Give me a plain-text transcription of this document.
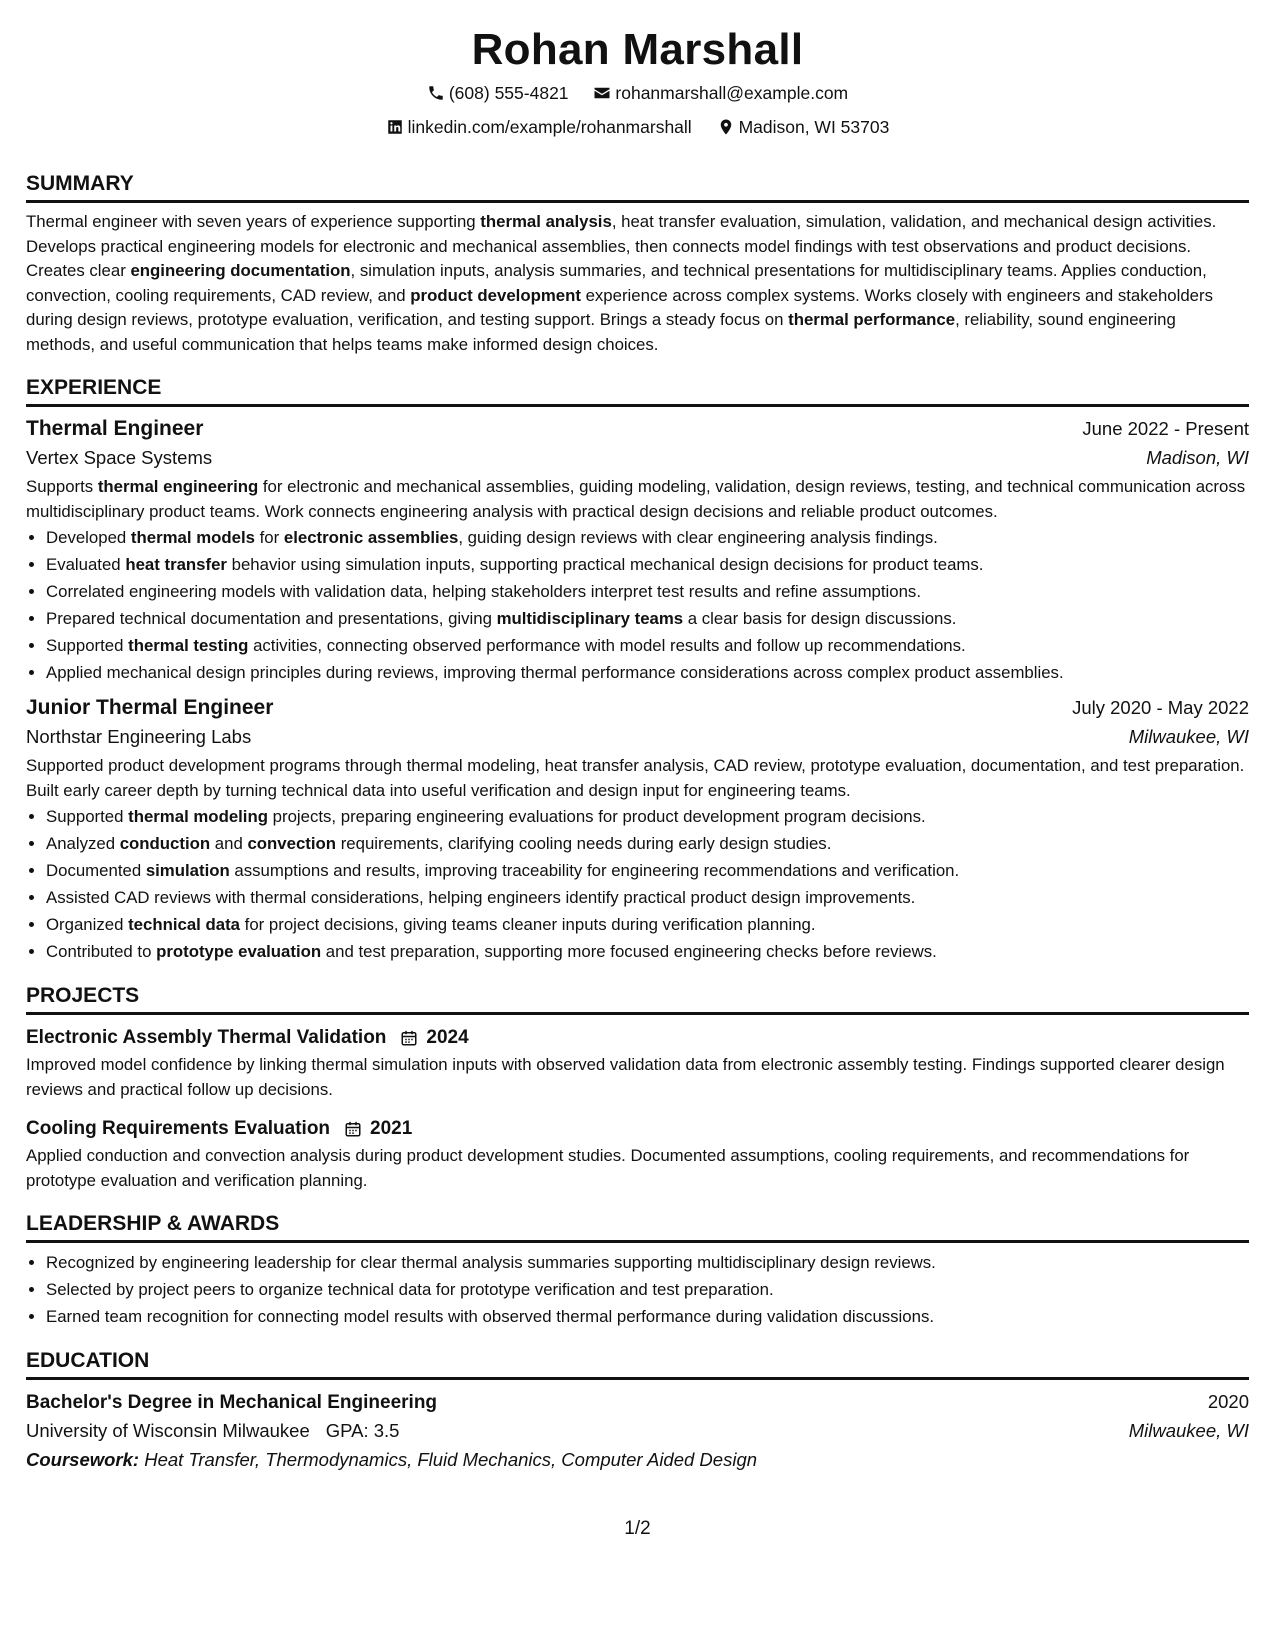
Rohan Marshall
(608) 555-4821
	rohanmarshall@example.com
linkedin.com/example/rohanmarshall
	Madison, WI 53703
SUMMARY
Thermal engineer with seven years of experience supporting thermal analysis, heat transfer evaluation, simulation, validation, and mechanical design activities. Develops practical engineering models for electronic and mechanical assemblies, then connects model findings with test observations and product decisions. Creates clear engineering documentation, simulation inputs, analysis summaries, and technical presentations for multidisciplinary teams. Applies conduction, convection, cooling requirements, CAD review, and product development experience across complex systems. Works closely with engineers and stakeholders during design reviews, prototype evaluation, verification, and testing support. Brings a steady focus on thermal performance, reliability, sound engineering methods, and useful communication that helps teams make informed design choices.
EXPERIENCE
Thermal Engineer	June 2022 - Present
Vertex Space Systems	Madison, WI
Supports thermal engineering for electronic and mechanical assemblies, guiding modeling, validation, design reviews, testing, and technical communication across multidisciplinary product teams. Work connects engineering analysis with practical design decisions and reliable product outcomes.
• Developed thermal models for electronic assemblies, guiding design reviews with clear engineering analysis findings.
• Evaluated heat transfer behavior using simulation inputs, supporting practical mechanical design decisions for product teams.
• Correlated engineering models with validation data, helping stakeholders interpret test results and refine assumptions.
• Prepared technical documentation and presentations, giving multidisciplinary teams a clear basis for design discussions.
• Supported thermal testing activities, connecting observed performance with model results and follow up recommendations.
• Applied mechanical design principles during reviews, improving thermal performance considerations across complex product assemblies.
Junior Thermal Engineer	July 2020 - May 2022
Northstar Engineering Labs	Milwaukee, WI
Supported product development programs through thermal modeling, heat transfer analysis, CAD review, prototype evaluation, documentation, and test preparation. Built early career depth by turning technical data into useful verification and design input for engineering teams.
• Supported thermal modeling projects, preparing engineering evaluations for product development program decisions.
• Analyzed conduction and convection requirements, clarifying cooling needs during early design studies.
• Documented simulation assumptions and results, improving traceability for engineering recommendations and verification.
• Assisted CAD reviews with thermal considerations, helping engineers identify practical product design improvements.
• Organized technical data for project decisions, giving teams cleaner inputs during verification planning.
• Contributed to prototype evaluation and test preparation, supporting more focused engineering checks before reviews.
PROJECTS
Electronic Assembly Thermal Validation 2024
Improved model confidence by linking thermal simulation inputs with observed validation data from electronic assembly testing. Findings supported clearer design reviews and practical follow up decisions.
Cooling Requirements Evaluation 2021
Applied conduction and convection analysis during product development studies. Documented assumptions, cooling requirements, and recommendations for prototype evaluation and verification planning.
LEADERSHIP & AWARDS
• Recognized by engineering leadership for clear thermal analysis summaries supporting multidisciplinary design reviews.
• Selected by project peers to organize technical data for prototype verification and test preparation.
• Earned team recognition for connecting model results with observed thermal performance during validation discussions.
EDUCATION
Bachelor's Degree in Mechanical Engineering	2020
University of Wisconsin Milwaukee GPA: 3.5	Milwaukee, WI
Coursework: Heat Transfer, Thermodynamics, Fluid Mechanics, Computer Aided Design
1/2
